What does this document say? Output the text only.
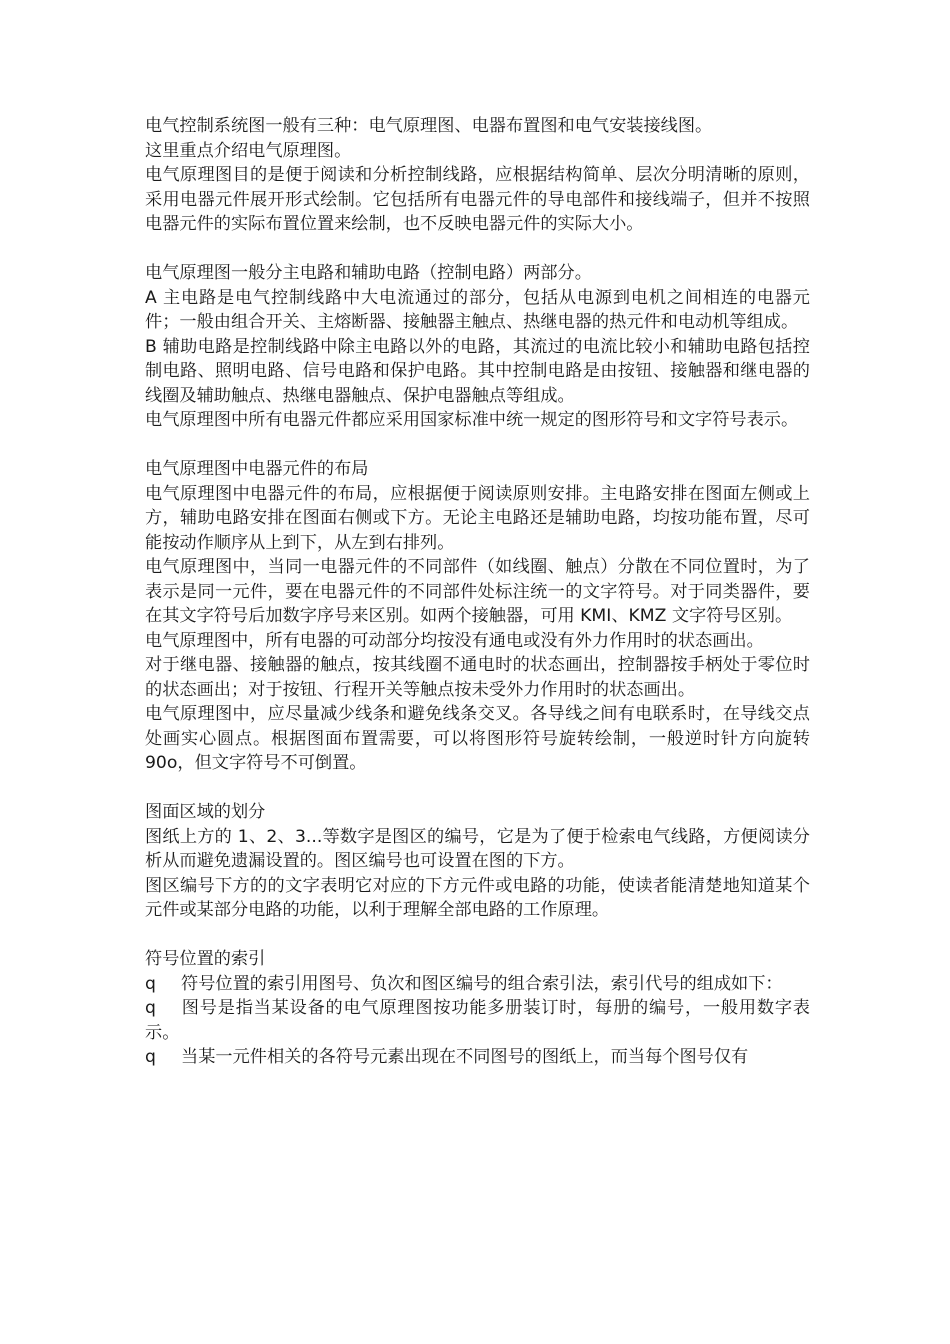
电气控制系统图一般有三种：电气原理图、电器布置图和电气安装接线图。

这里重点介绍电气原理图。

电气原理图目的是便于阅读和分析控制线路，应根据结构简单、层次分明清晰的原则，采用电器元件展开形式绘制。它包括所有电器元件的导电部件和接线端子，但并不按照电器元件的实际布置位置来绘制，也不反映电器元件的实际大小。

电气原理图一般分主电路和辅助电路（控制电路）两部分。

A 主电路是电气控制线路中大电流通过的部分，包括从电源到电机之间相连的电器元件；一般由组合开关、主熔断器、接触器主触点、热继电器的热元件和电动机等组成。

B 辅助电路是控制线路中除主电路以外的电路，其流过的电流比较小和辅助电路包括控制电路、照明电路、信号电路和保护电路。其中控制电路是由按钮、接触器和继电器的线圈及辅助触点、热继电器触点、保护电器触点等组成。

电气原理图中所有电器元件都应采用国家标准中统一规定的图形符号和文字符号表示。

电气原理图中电器元件的布局

电气原理图中电器元件的布局，应根据便于阅读原则安排。主电路安排在图面左侧或上方，辅助电路安排在图面右侧或下方。无论主电路还是辅助电路，均按功能布置，尽可能按动作顺序从上到下，从左到右排列。

电气原理图中，当同一电器元件的不同部件（如线圈、触点）分散在不同位置时，为了表示是同一元件，要在电器元件的不同部件处标注统一的文字符号。对于同类器件，要在其文字符号后加数字序号来区别。如两个接触器，可用 KMI、KMZ 文字符号区别。

电气原理图中，所有电器的可动部分均按没有通电或没有外力作用时的状态画出。

对于继电器、接触器的触点，按其线圈不通电时的状态画出，控制器按手柄处于零位时的状态画出；对于按钮、行程开关等触点按未受外力作用时的状态画出。

电气原理图中，应尽量减少线条和避免线条交叉。各导线之间有电联系时，在导线交点处画实心圆点。根据图面布置需要，可以将图形符号旋转绘制，一般逆时针方向旋转 90o，但文字符号不可倒置。

图面区域的划分

图纸上方的 1、2、3...等数字是图区的编号，它是为了便于检索电气线路，方便阅读分析从而避免遗漏设置的。图区编号也可设置在图的下方。

图区编号下方的的文字表明它对应的下方元件或电路的功能，使读者能清楚地知道某个元件或某部分电路的功能，以利于理解全部电路的工作原理。

符号位置的索引

q 符号位置的索引用图号、负次和图区编号的组合索引法，索引代号的组成如下：

q 图号是指当某设备的电气原理图按功能多册装订时，每册的编号，一般用数字表示。

q 当某一元件相关的各符号元素出现在不同图号的图纸上，而当每个图号仅有
